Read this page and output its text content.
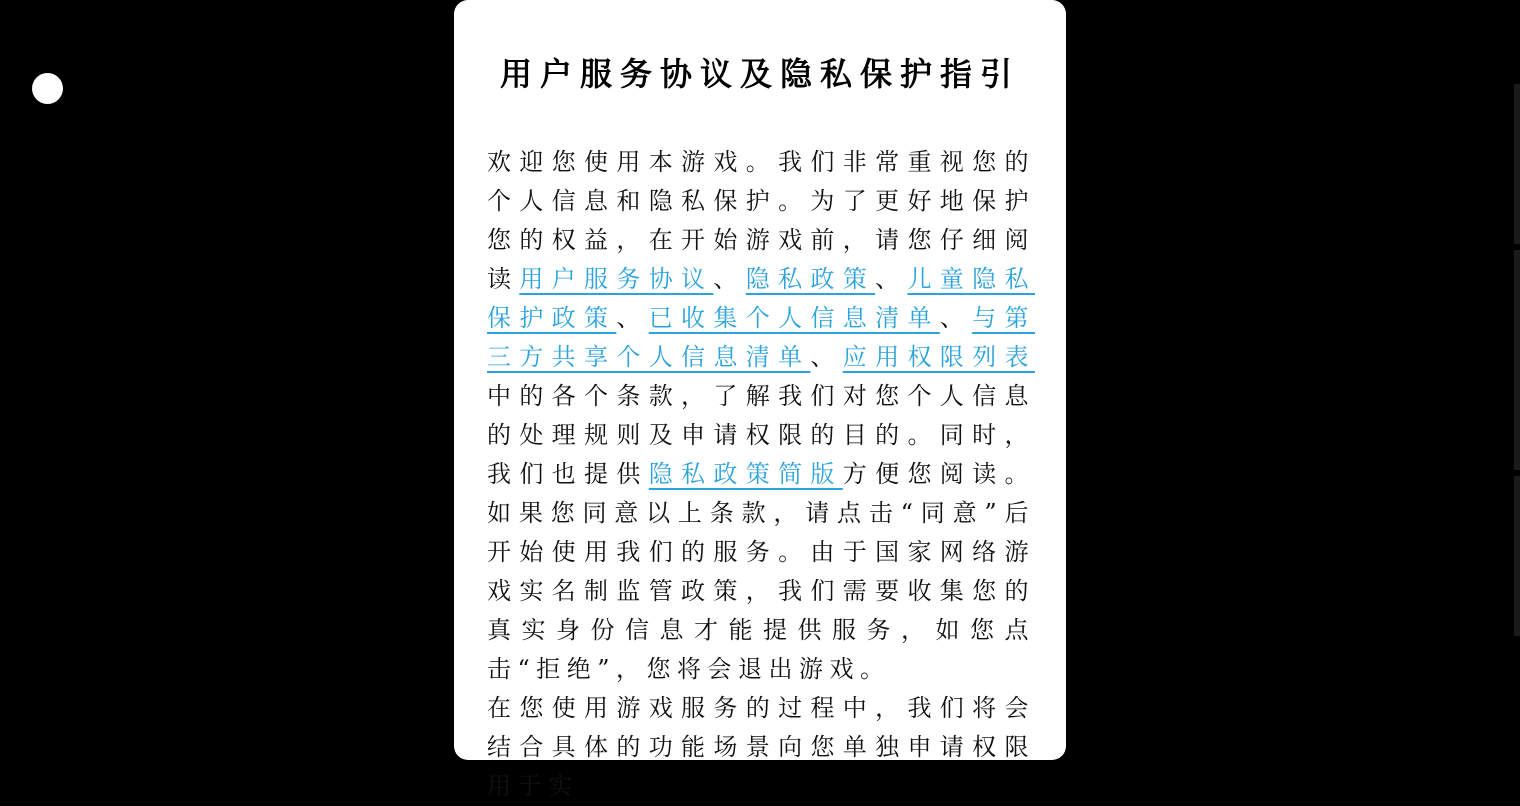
用户服务协议及隐私保护指引

欢迎您使用本游戏。我们非常重视您的个人信息和隐私保护。为了更好地保护您的权益，在开始游戏前，请您仔细阅读用户服务协议、隐私政策、儿童隐私保护政策、已收集个人信息清单、与第三方共享个人信息清单、应用权限列表中的各个条款，了解我们对您个人信息的处理规则及申请权限的目的。同时，我们也提供隐私政策简版方便您阅读。如果您同意以上条款，请点击“同意”后开始使用我们的服务。由于国家网络游戏实名制监管政策，我们需要收集您的真实身份信息才能提供服务，如您点击“拒绝”，您将会退出游戏。

在您使用游戏服务的过程中，我们将会结合具体的功能场景向您单独申请权限用于实
